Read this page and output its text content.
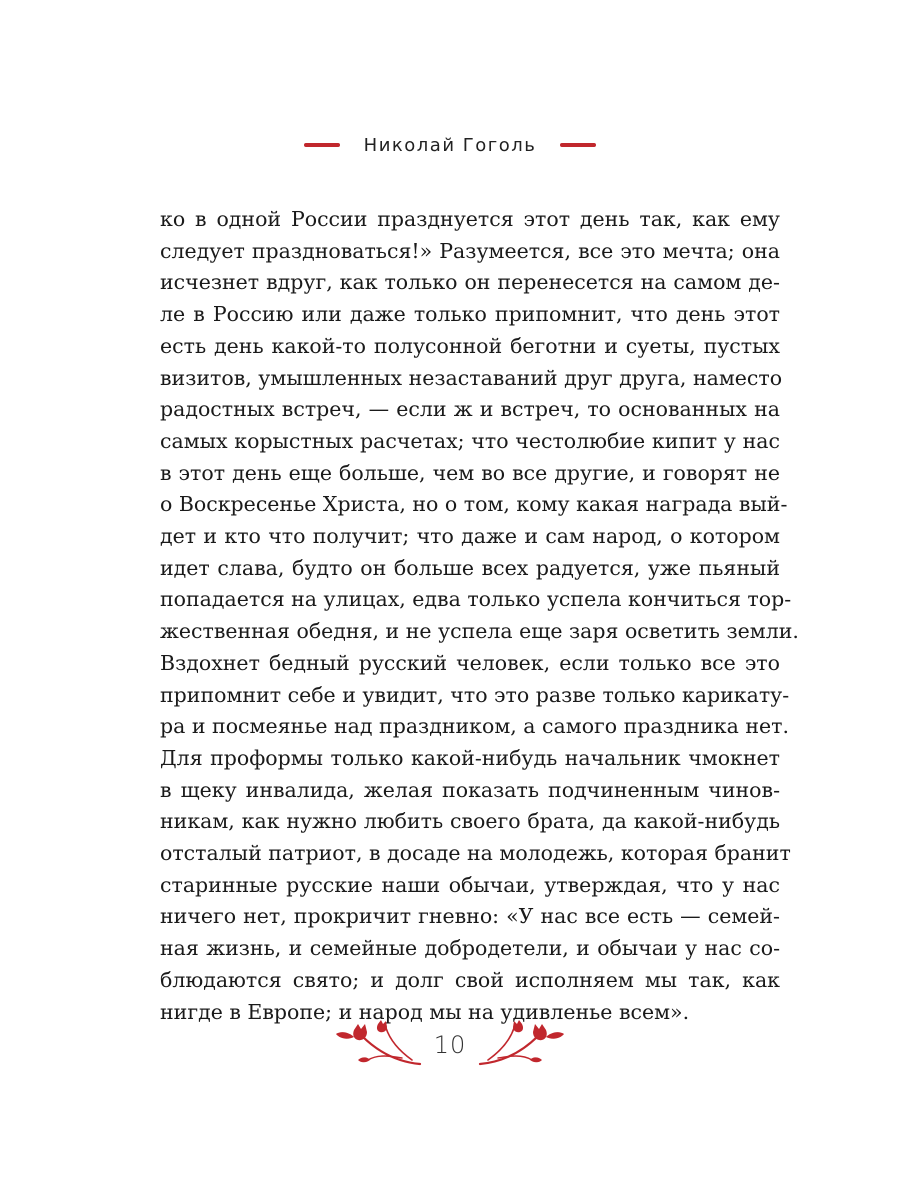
Николай Гоголь
ко в одной России празднуется этот день так, как ему
следует праздноваться!» Разумеется, все это мечта; она
исчезнет вдруг, как только он перенесется на самом де-
ле в Россию или даже только припомнит, что день этот
есть день какой-то полусонной беготни и суеты, пустых
визитов, умышленных незаставаний друг друга, наместо
радостных встреч, — если ж и встреч, то основанных на
самых корыстных расчетах; что честолюбие кипит у нас
в этот день еще больше, чем во все другие, и говорят не
о Воскресенье Христа, но о том, кому какая награда вый-
дет и кто что получит; что даже и сам народ, о котором
идет слава, будто он больше всех радуется, уже пьяный
попадается на улицах, едва только успела кончиться тор-
жественная обедня, и не успела еще заря осветить земли.
Вздохнет бедный русский человек, если только все это
припомнит себе и увидит, что это разве только карикату-
ра и посмеянье над праздником, а самого праздника нет.
Для проформы только какой-нибудь начальник чмокнет
в щеку инвалида, желая показать подчиненным чинов-
никам, как нужно любить своего брата, да какой-нибудь
отсталый патриот, в досаде на молодежь, которая бранит
старинные русские наши обычаи, утверждая, что у нас
ничего нет, прокричит гневно: «У нас все есть — семей-
ная жизнь, и семейные добродетели, и обычаи у нас со-
блюдаются свято; и долг свой исполняем мы так, как
нигде в Европе; и народ мы на удивленье всем».
10
